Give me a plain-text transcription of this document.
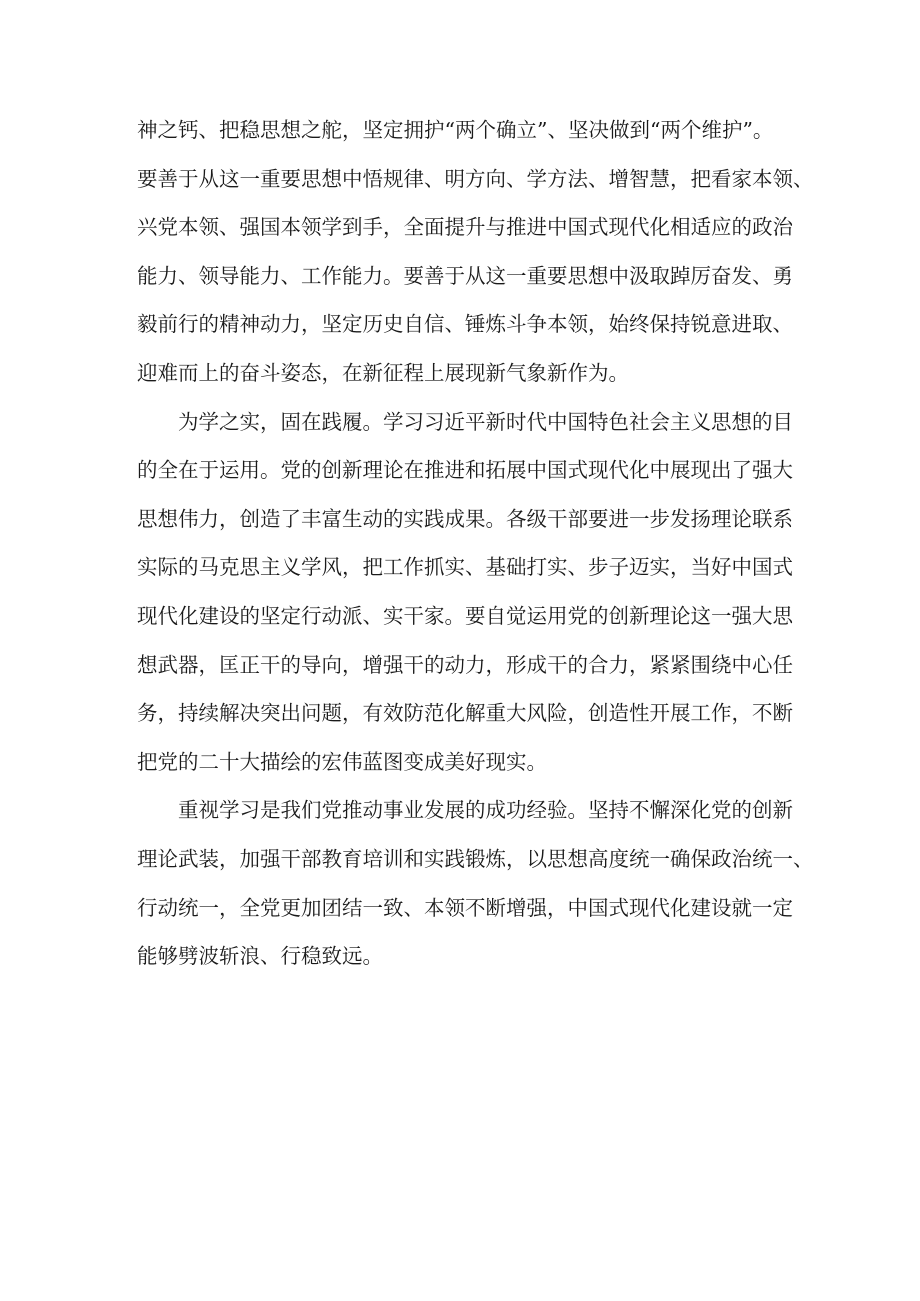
神之钙、把稳思想之舵，坚定拥护“两个确立”、坚决做到“两个维护”。
要善于从这一重要思想中悟规律、明方向、学方法、增智慧，把看家本领、
兴党本领、强国本领学到手，全面提升与推进中国式现代化相适应的政治
能力、领导能力、工作能力。要善于从这一重要思想中汲取踔厉奋发、勇
毅前行的精神动力，坚定历史自信、锤炼斗争本领，始终保持锐意进取、
迎难而上的奋斗姿态，在新征程上展现新气象新作为。

为学之实，固在践履。学习习近平新时代中国特色社会主义思想的目
的全在于运用。党的创新理论在推进和拓展中国式现代化中展现出了强大
思想伟力，创造了丰富生动的实践成果。各级干部要进一步发扬理论联系
实际的马克思主义学风，把工作抓实、基础打实、步子迈实，当好中国式
现代化建设的坚定行动派、实干家。要自觉运用党的创新理论这一强大思
想武器，匡正干的导向，增强干的动力，形成干的合力，紧紧围绕中心任
务，持续解决突出问题，有效防范化解重大风险，创造性开展工作，不断
把党的二十大描绘的宏伟蓝图变成美好现实。

重视学习是我们党推动事业发展的成功经验。坚持不懈深化党的创新
理论武装，加强干部教育培训和实践锻炼，以思想高度统一确保政治统一、
行动统一，全党更加团结一致、本领不断增强，中国式现代化建设就一定
能够劈波斩浪、行稳致远。
